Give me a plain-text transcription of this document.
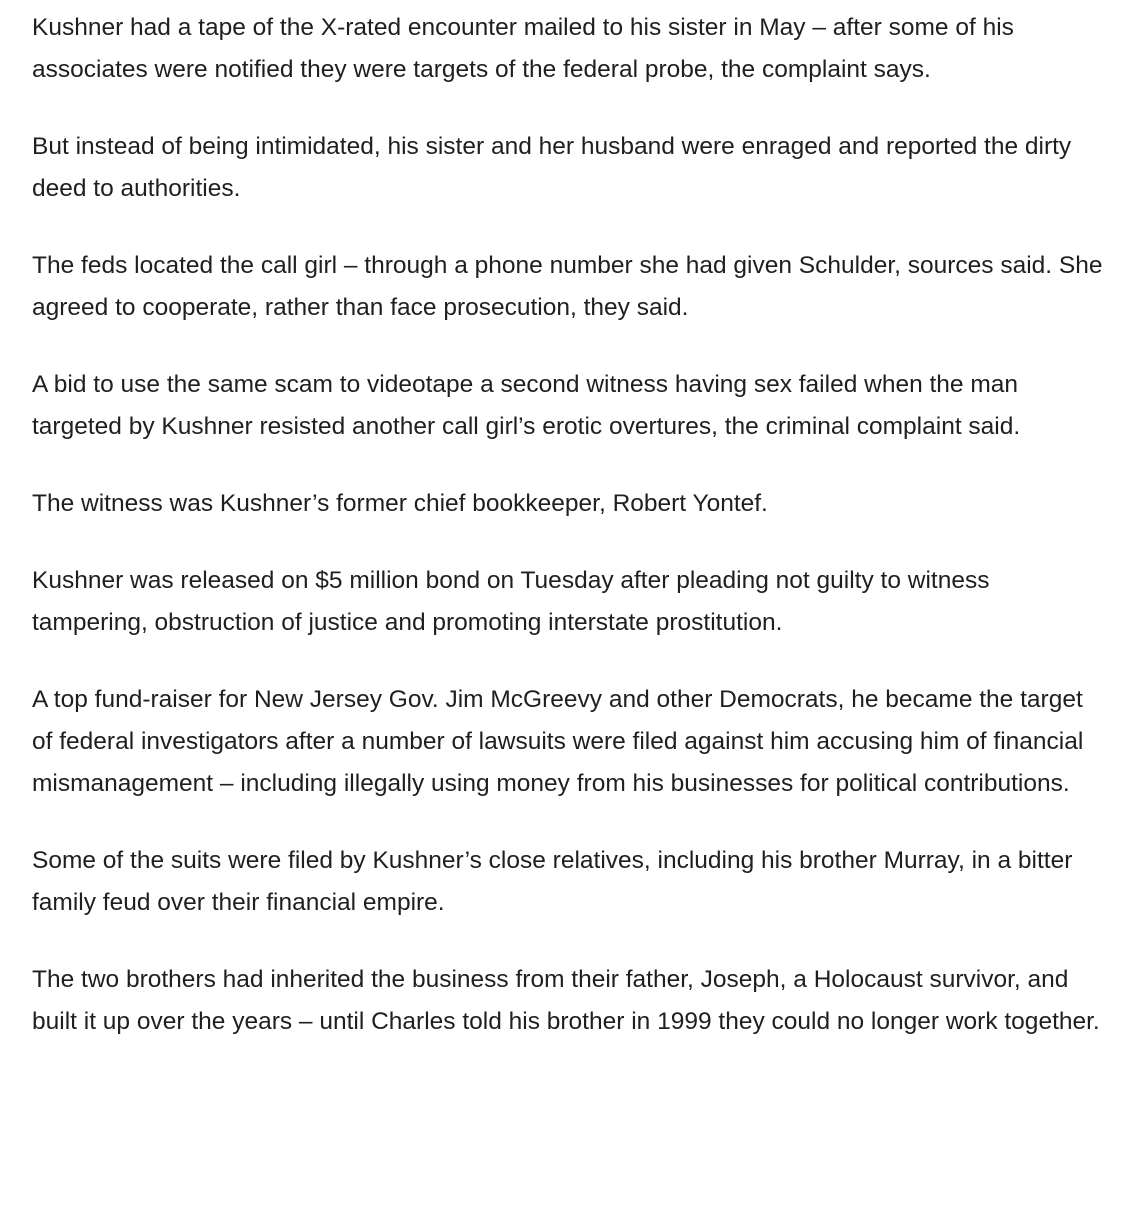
Kushner had a tape of the X-rated encounter mailed to his sister in May – after some of his associates were notified they were targets of the federal probe, the complaint says.

But instead of being intimidated, his sister and her husband were enraged and reported the dirty deed to authorities.

The feds located the call girl – through a phone number she had given Schulder, sources said. She agreed to cooperate, rather than face prosecution, they said.

A bid to use the same scam to videotape a second witness having sex failed when the man targeted by Kushner resisted another call girl’s erotic overtures, the criminal complaint said.

The witness was Kushner’s former chief bookkeeper, Robert Yontef.

Kushner was released on $5 million bond on Tuesday after pleading not guilty to witness tampering, obstruction of justice and promoting interstate prostitution.

A top fund-raiser for New Jersey Gov. Jim McGreevy and other Democrats, he became the target of federal investigators after a number of lawsuits were filed against him accusing him of financial mismanagement – including illegally using money from his businesses for political contributions.

Some of the suits were filed by Kushner’s close relatives, including his brother Murray, in a bitter family feud over their financial empire.

The two brothers had inherited the business from their father, Joseph, a Holocaust survivor, and built it up over the years – until Charles told his brother in 1999 they could no longer work together.
